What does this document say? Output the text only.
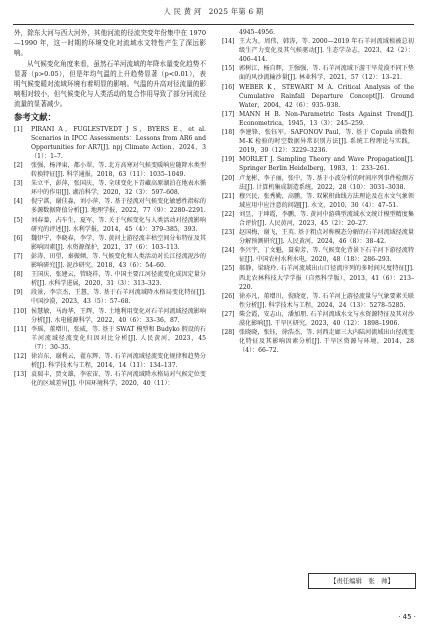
人 民 黄 河　2025 年第 6 期

外，除东大河与西大河外，其他河流的径流突变年份集中在 1970—1990 年，这一时期的环境变化对流域水文特性产生了深远影响。

从气候变化角度来看，虽然石羊河流域的年降水量变化趋势不显著（p>0.05），但是年均气温的上升趋势显著（p<0.01），表明气候变暖对流域环境有着明显的影响。气温的升高对径流量的影响相对较小，但气候变化与人类活动的复合作用导致了部分河流径流量的显著减少。

参考文献：
[1]	PIRANI A，FUGLESTVEDT J S，BYERS E，et al. Scenarios in IPCC Assessments：Lessons from AR6 and Opportunities for AR7[J]. npj Climate Action，2024，3（1）：1–7.
[2]	张强，杨泽東，都小翠，等. 北方高寒对气候变暖响应随降水类型转换特征[J]. 科学通报，2018，63（11）：1035–1049.
[3]	朱立平，彭萍，张国庆，等. 全球变化下青藏高原湖泊在地表水循环中的作用[J]. 湖泊科学，2020，32（3）：597–608.
[4]	倪宁淇，谢佳淼，刘小萍，等. 基于径流对气候变化敏感性指标的多源数据降值分析[J]. 地理学报，2022，77（9）：2280–2291.
[5]	刘春蓁，占车生，夏军，等. 关于气候变化与人类活动对径流影响研究的评述[J]. 水利学报，2014，45（4）：379–385，393.
[6]	魏伊宁，李晓春，李学，等. 黄河上游径流丰枯空间分布特征及其影响因素[J]. 水资源保护，2021，37（6）：103–113.
[7]	彭涛，田望，秦振倾，等. 气候变化和人类活动对长江径流泥沙的影响研究[J]. 泥沙研究，2018，43（6）：54–60.
[8]	王国庆，张建云，管晓祥，等. 中国主要江河径流变化成因定量分析[J]. 水科学进展，2020，31（3）：313–323.
[9]	段景，李宗杰，王慧，等. 基于石羊河流域降水格局变化特征[J]. 中国沙漠，2023，43（5）：57–68.
[10] 侯慧敏，马海华，王辉，等. 土地利用变化对石羊河流域径流影响分析[J]. 水电能源科学，2022，40（6）：33–36，87.
[11] 李瑶，董增川，张威，等. 基于 SWAT 模型和 Budyko 假设的石羊河流域径流变化归因对比分析[J]. 人民黄河，2023，45（7）：30–35.
[12] 徐岩东，谢利云，翟东辉，等. 石羊河流域径流变化规律和趋势分析[J]. 科学技术与工程，2014，14（11）：134–137.
[13] 袁瑞丰，贾文雄，李宏宙，等. 石羊河流域降水格局对气候定位变化的区域差异[J]. 中国环境科学，2020，40（11）：
4945–4956.
[14] 王大为，周伟，韩涛，等. 2000—2019 年石羊河流域植被总初级生产力变化及其气候驱动[J]. 生态学杂志，2023，42（2）：406–414.
[15] 郭树江，杨自辉，王强强，等. 石羊河流域下游干旱荒漠不同下垫面的风沙流输沙量[J]. 林业科学，2021，57（12）：13–21.
[16] WEBER K，STEWART M A. Critical Analysis of the Cumulative Rainfall Departure Concept[J]. Ground Water，2004，42（6）：935–938.
[17] MANN H B. Non-Parametric Tests Against Trend[J]. Econometrica，1945，13（3）：245–259.
[18] 李建锋，张钰军，SAFONOV Paul，等. 基于 Copula 函数和 M–K 检验的时空数据异常识别方法[J]. 系统工程理论与实践，2019，39（12）：3229–3236.
[19] MORLET J. Sampling Theory and Wave Propagation[J]. Springer Berlin Heidelberg，1983，1：233–261.
[20] 卢龙彬，李子丽，张中，等. 基于小波分析的时间序列事件检测方法[J]. 计算机集成制造系统，2022，28（10）：3031–3038.
[21] 穆兴民，张秀勤，高鹏，等. 双累积曲线方法理论及在水文气象领域应用中应注意的问题[J]. 水文，2010，30（4）：47–51.
[22] 刘昱，于坤霞，李鹏，等. 黄河中游典型流域水文统计模型精度集合评价[J]. 人民黄河，2023，45（2）：20–27.
[23] 赵国梅，谢飞，王英. 基于粗点对称模态分解的石羊河流域径流量分解预测研究[J]. 人民黄河，2024，46（8）：38–42.
[24] 李兴宇，丁文魁，聂菊芳，等. 气候变化背景下石羊河下游径流特征[J]. 中国农村水利水电，2020，48（18）：286–293.
[25] 郝静，梁晓玲. 石羊河流域出山口径流序列的多时间尺度特征[J]. 西北农林科技大学学报（自然科学版），2013，41（6）：213–220.
[26] 徐亦凡，董增川，倪晓宽，等. 石羊河上游径流量与气象要素关联性分析[J]. 科学技术与工程，2024，24（13）：5278–5285.
[27] 柴会霞，安志山，潘加朋. 石羊河流域水文与水资源特征及其对沙漠化影响[J]. 干旱区研究，2023，40（12）：1898–1906.
[28] 张晓晓，张钰，徐浩杰，等. 河西走廊三大内陆河流域出山径流变化特征及其影响因素分析[J]. 干旱区资源与环境，2014，28（4）：66–72.
【责任编辑　张　帅】
· 45 ·
